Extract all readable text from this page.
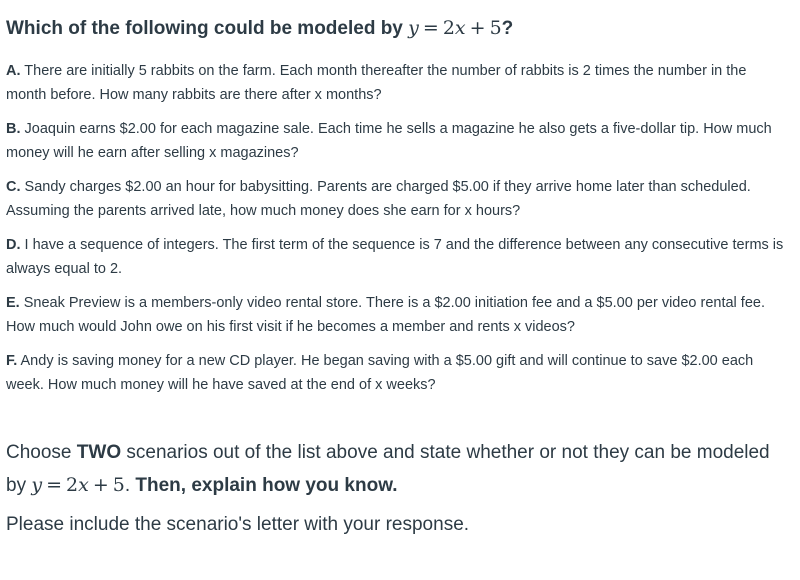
Which of the following could be modeled by y = 2x + 5?
A. There are initially 5 rabbits on the farm. Each month thereafter the number of rabbits is 2 times the number in the month before. How many rabbits are there after x months?
B. Joaquin earns $2.00 for each magazine sale. Each time he sells a magazine he also gets a five-dollar tip. How much money will he earn after selling x magazines?
C. Sandy charges $2.00 an hour for babysitting. Parents are charged $5.00 if they arrive home later than scheduled. Assuming the parents arrived late, how much money does she earn for x hours?
D. I have a sequence of integers. The first term of the sequence is 7 and the difference between any consecutive terms is always equal to 2.
E. Sneak Preview is a members-only video rental store. There is a $2.00 initiation fee and a $5.00 per video rental fee. How much would John owe on his first visit if he becomes a member and rents x videos?
F. Andy is saving money for a new CD player. He began saving with a $5.00 gift and will continue to save $2.00 each week. How much money will he have saved at the end of x weeks?
Choose TWO scenarios out of the list above and state whether or not they can be modeled by y = 2x + 5. Then, explain how you know.
Please include the scenario's letter with your response.
